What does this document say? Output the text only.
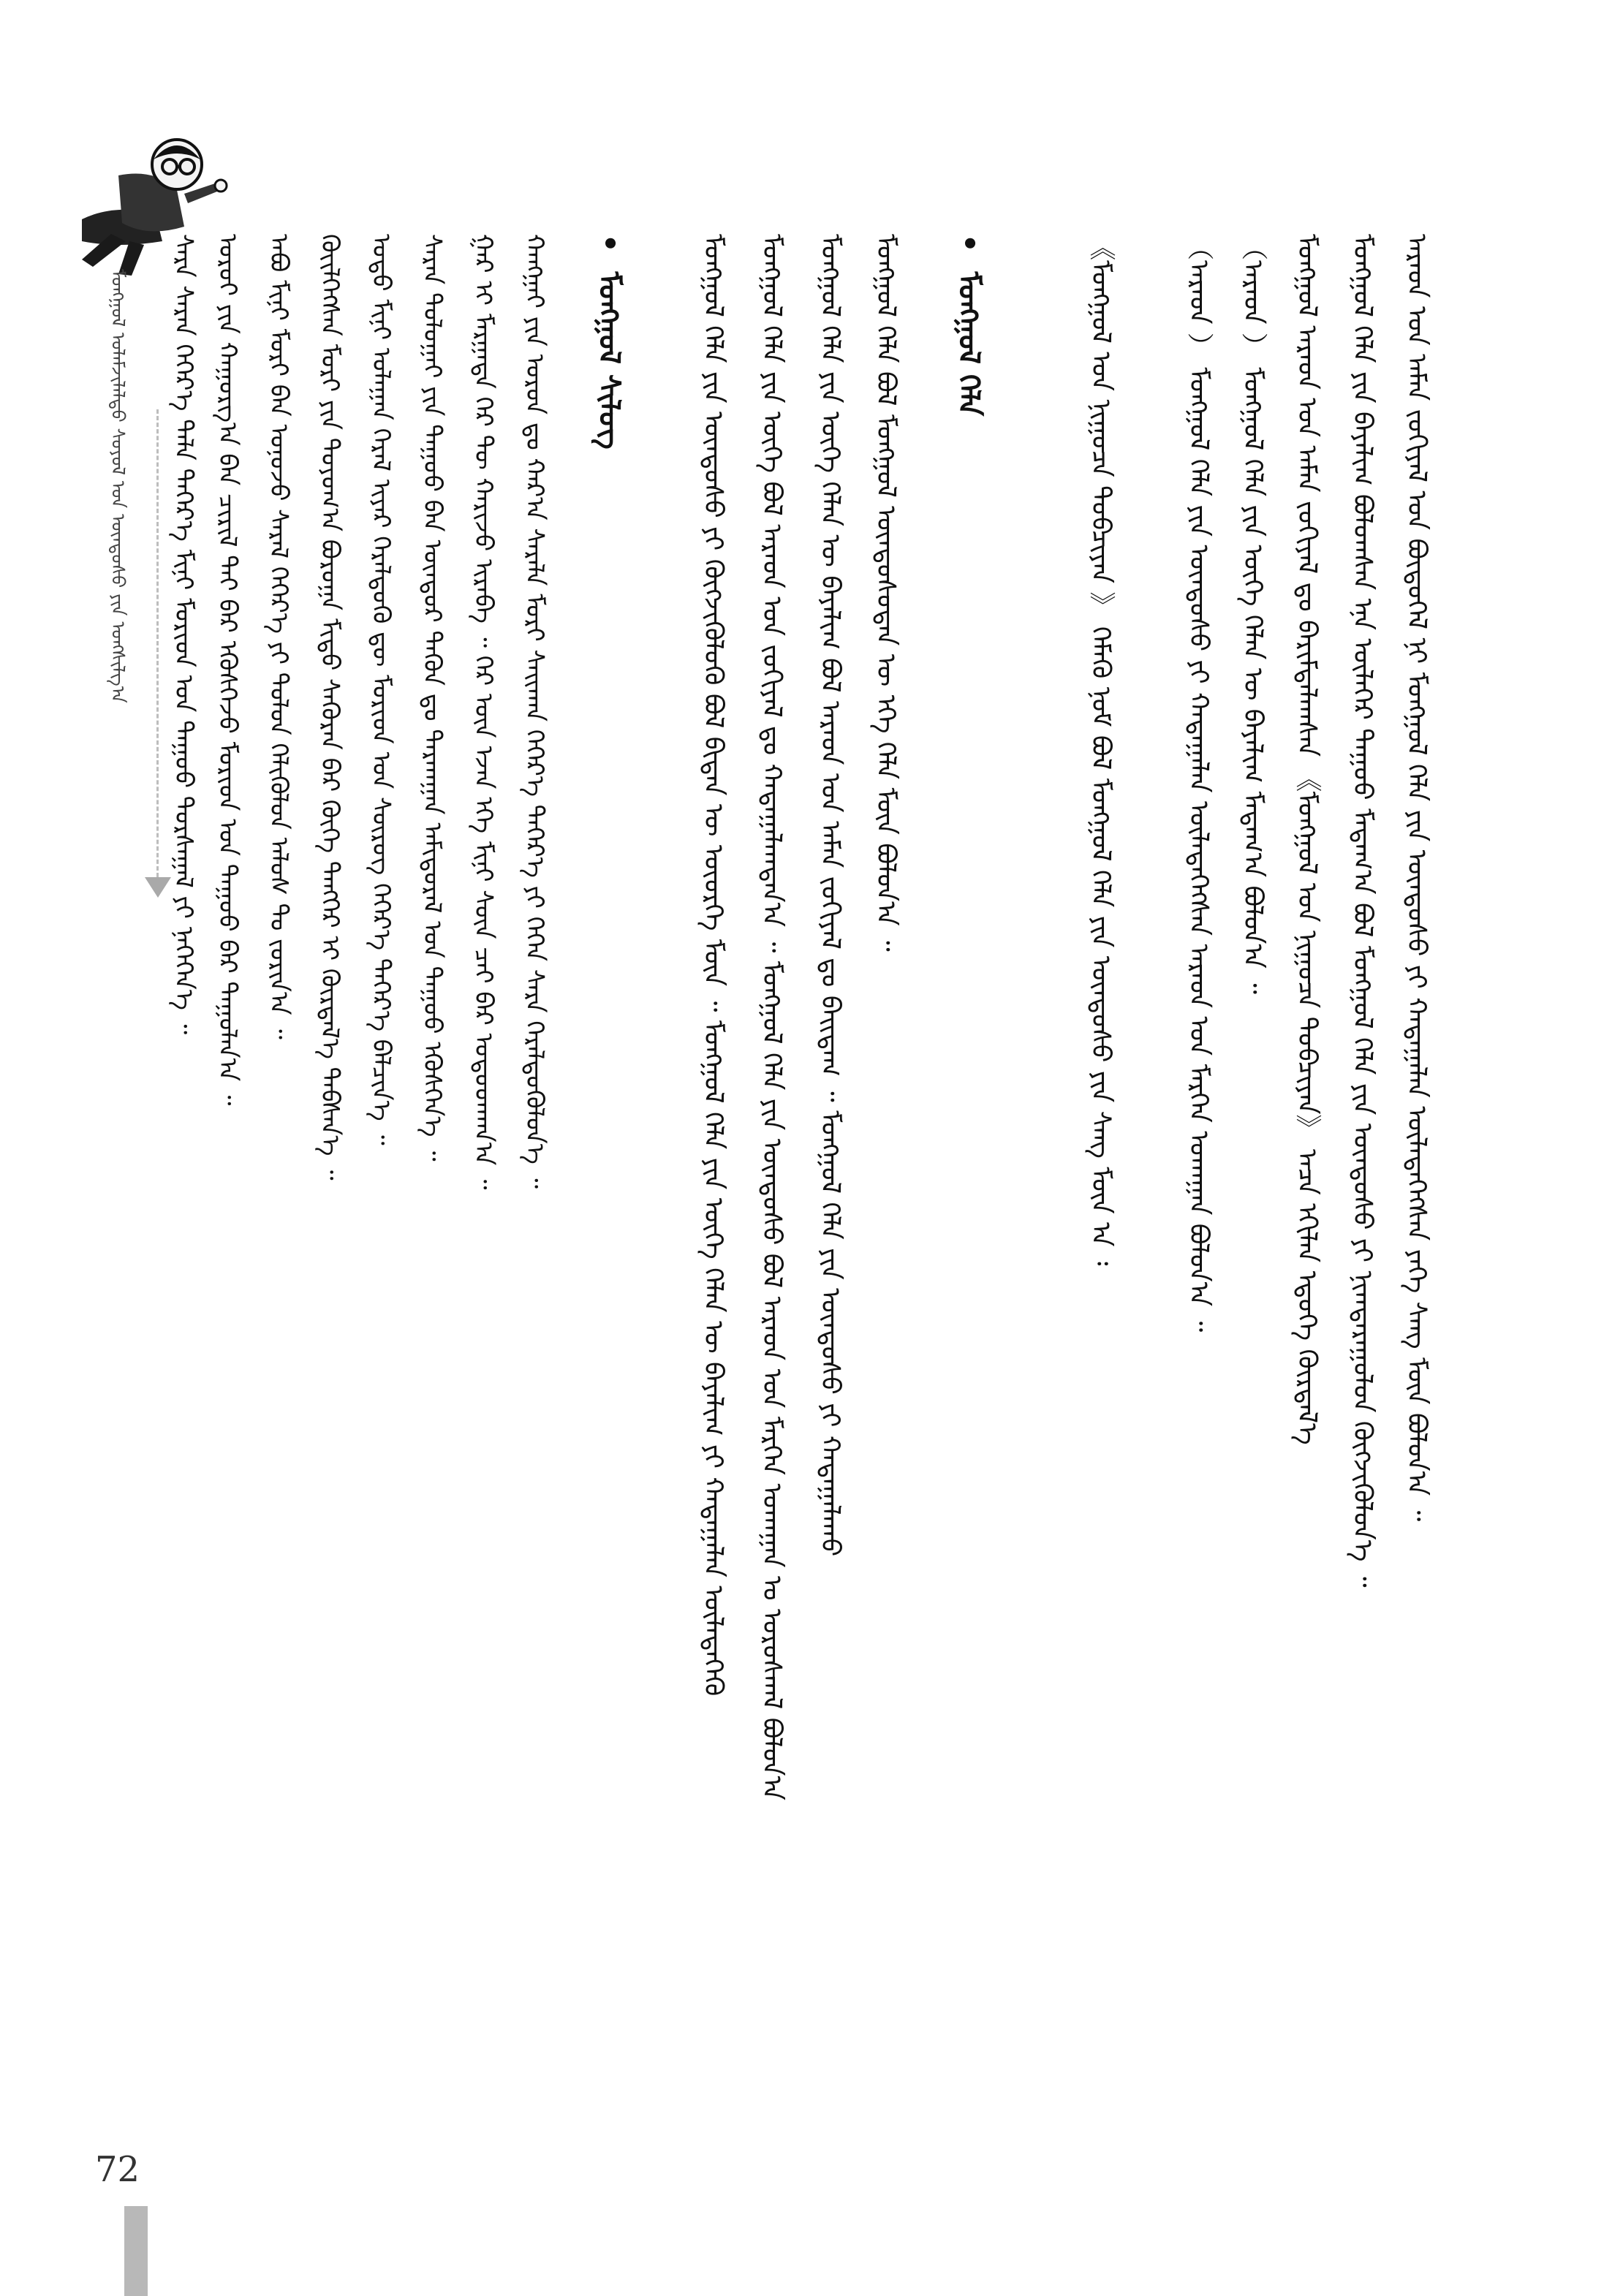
ᠮᠣᠩᠭᠤᠯ ᠤᠯᠠᠮᠵᠢᠯᠠᠯᠲᠤ ᠰᠣᠶᠣᠯ ᠤᠨ ᠦᠨᠳᠦᠰᠦ ᠶᠢᠨ ᠤᠩᠰᠢᠯᠭ᠎ᠠ
72
ᠠᠷᠠᠳ ᠤᠨ ᠠᠮᠠᠨ ᠵᠣᠬᠢᠶᠠᠯ ᠤᠨ ᠪᠦᠲᠦᠭᠡᠯ ᠨᠢ ᠮᠣᠩᠭᠤᠯ ᠬᠡᠯᠡ ᠶᠢᠨ ᠦᠨᠳᠦᠰᠦ ᠶᠢ ᠬᠠᠳᠠᠭᠠᠯᠠᠨ ᠦᠯᠡᠳᠡᠭᠡᠭᠰᠡᠨ ᠶᠡᠬᠡ ᠰᠠᠩ ᠮᠥᠨ ᠪᠣᠯᠤᠨ᠎ᠠ ᠃
ᠮᠣᠩᠭᠤᠯ ᠬᠡᠯᠡ ᠶᠢᠨ ᠪᠠᠶᠠᠯᠢᠭ ᠪᠣᠯᠤᠭᠰᠠᠨ ᠡᠨᠡ ᠦᠯᠡᠬᠡᠷ ᠳᠠᠭᠤᠤ ᠮᠠᠲᠠᠭ᠎ᠠ ᠪᠣᠯ ᠮᠣᠩᠭᠤᠯ ᠬᠡᠯᠡ ᠶᠢᠨ ᠦᠨᠳᠦᠰᠦ ᠶᠢ ᠨᠢᠭᠲᠠᠷᠠᠭᠤᠯᠤᠨ ᠬᠥᠭᠵᠢᠭᠦᠯᠦᠨ᠎ᠡ ᠃
ᠮᠣᠩᠭᠤᠯ ᠠᠷᠠᠳ ᠤᠨ ᠠᠮᠠᠨ ᠵᠣᠬᠢᠶᠠᠯ ᠳᠤ ᠪᠠᠷᠢᠮᠲᠠᠯᠠᠭᠰᠠᠨ 《ᠮᠣᠩᠭᠤᠯ ᠤᠨ ᠨᠢᠭᠤᠴᠠ ᠲᠣᠪᠴᠢᠶᠠᠨ》 ᠠᠴᠠ ᠡᠬᠢᠯᠡᠨ ᠡᠳᠦᠭᠡ ᠬᠦᠷᠲᠡᠯ᠎ᠡ
（ᠠᠷᠠᠳ ） ᠮᠣᠩᠭᠤᠯ ᠬᠡᠯᠡ ᠶᠢᠨ ᠦᠭᠡ ᠬᠡᠯᠡᠨ ᠦ ᠪᠠᠶᠠᠯᠢᠭ ᠮᠠᠲᠠᠭ᠎ᠠ ᠪᠣᠯᠤᠨ᠎ᠠ ᠃
（ᠠᠷᠠᠳ ） ᠮᠣᠩᠭᠤᠯ ᠬᠡᠯᠡ ᠶᠢᠨ ᠦᠨᠳᠦᠰᠦ ᠶᠢ ᠬᠠᠳᠠᠭᠠᠯᠠᠨ ᠦᠯᠡᠳᠡᠭᠡᠭᠰᠡᠨ ᠠᠷᠠᠳ ᠤᠨ ᠮᠡᠷᠭᠡᠨ ᠤᠬᠠᠭᠠᠨ ᠪᠣᠯᠤᠨ᠎ᠠ ᠃
《ᠮᠣᠩᠭᠤᠯ ᠤᠨ ᠨᠢᠭᠤᠴᠠ ᠲᠣᠪᠴᠢᠶᠠᠨ 》 ᠬᠡᠮᠡᠬᠦ ᠨᠣᠮ ᠪᠣᠯ ᠮᠣᠩᠭᠤᠯ ᠬᠡᠯᠡ ᠶᠢᠨ ᠦᠨᠳᠦᠰᠦ ᠶᠢᠨ ᠰᠠᠩ ᠮᠥᠨ ᠠ ᠄
•ᠮᠣᠩᠭᠤᠯ ᠬᠡᠯᠡ
ᠮᠣᠩᠭᠤᠯ ᠬᠡᠯᠡ ᠪᠣᠯ ᠮᠣᠩᠭᠤᠯ ᠦᠨᠳᠦᠰᠦᠲᠡᠨ ᠦ ᠡᠬᠡ ᠬᠡᠯᠡ ᠮᠥᠨ ᠪᠣᠯᠤᠨ᠎ᠠ ᠃
ᠮᠣᠩᠭᠤᠯ ᠬᠡᠯᠡ ᠶᠢᠨ ᠦᠭᠡ ᠬᠡᠯᠡᠨ ᠦ ᠪᠠᠶᠠᠯᠢᠭ ᠪᠣᠯ ᠠᠷᠠᠳ ᠤᠨ ᠠᠮᠠᠨ ᠵᠣᠬᠢᠶᠠᠯ ᠳᠤ ᠪᠠᠢᠳᠠᠭ ᠃ ᠮᠣᠩᠭᠤᠯ ᠬᠡᠯᠡ ᠶᠢᠨ ᠦᠨᠳᠦᠰᠦ ᠶᠢ ᠬᠠᠳᠠᠭᠠᠯᠠᠬᠤ
ᠮᠣᠩᠭᠤᠯ ᠬᠡᠯᠡ ᠶᠢᠨ ᠦᠭᠡ ᠪᠣᠯ ᠠᠷᠠᠳ ᠤᠨ ᠵᠣᠬᠢᠶᠠᠯ ᠳᠤ ᠬᠠᠳᠠᠭᠠᠯᠠᠭᠳᠠᠨ᠎ᠠ ᠃ ᠮᠣᠩᠭᠤᠯ ᠬᠡᠯᠡ ᠶᠢᠨ ᠦᠨᠳᠦᠰᠦ ᠪᠣᠯ ᠠᠷᠠᠳ ᠤᠨ ᠮᠡᠷᠭᠡᠨ ᠤᠬᠠᠭᠠᠨ ᠤ ᠤᠷᠤᠰᠬᠠᠯ ᠪᠣᠯᠤᠨ᠎ᠠ
ᠮᠣᠩᠭᠤᠯ ᠬᠡᠯᠡ ᠶᠢᠨ ᠦᠨᠳᠦᠰᠦ ᠶᠢ ᠬᠥᠭᠵᠢᠭᠦᠯᠦᠬᠦ ᠪᠣᠯ ᠪᠢᠳᠡᠨ ᠦ ᠦᠦᠷᠭᠡ ᠮᠥᠨ ᠃ ᠮᠣᠩᠭᠤᠯ ᠬᠡᠯᠡ ᠶᠢᠨ ᠦᠭᠡ ᠬᠡᠯᠡᠨ ᠦ ᠪᠠᠶᠠᠯᠢᠭ ᠶᠢ ᠬᠠᠳᠠᠭᠠᠯᠠᠨ ᠦᠯᠡᠳᠡᠭᠡᠬᠦ
•ᠮᠣᠩᠭᠤᠯ ᠰᠢᠯᠦᠭ
ᠬᠠᠩᠭᠠᠢ ᠶᠢᠨ ᠣᠷᠣᠨ ᠳᠤ ᠬᠠᠷ᠎ᠠ ᠰᠠᠷᠠᠯᠠ ᠮᠣᠷᠢ ᠰᠠᠢᠬᠠᠨ ᠬᠡᠭᠡᠷ᠎ᠡ ᠳᠡᠭᠡᠷ᠎ᠡ ᠶᠢ ᠭᠡᠭᠡᠨ ᠰᠠᠷᠠ ᠭᠡᠷᠡᠯᠲᠦᠭᠦᠯᠦᠨ᠎ᠡ ᠃
ᠭᠠᠷ ᠢ ᠮᠠᠷᠭᠠᠳᠠ ᠭᠡᠷ ᠲᠦ ᠬᠠᠷᠢᠵᠤ ᠢᠷᠡᠪᠡ ᠃ ᠭᠡᠷ ᠦᠨ ᠡᠵᠡᠨ ᠡᠬᠡ ᠮᠢᠨᠢ ᠰᠦᠨ ᠴᠠᠢ ᠪᠠᠷ ᠤᠳᠤᠳᠬᠠᠨ᠎ᠠ ᠃
ᠰᠠᠷᠠᠨ ᠲᠣᠯᠤᠭᠠᠢ ᠶᠢᠨ ᠳᠠᠭᠤᠤ ᠪᠠᠨ ᠦᠨᠳᠦᠷ ᠲᠡᠭᠦᠨ ᠳᠤ ᠲᠠᠷᠬᠠᠭᠠᠨ ᠠᠮᠢᠳᠤᠷᠠᠯ ᠤᠨ ᠳᠠᠭᠤᠤ ᠡᠭᠦᠰᠭᠡᠨ᠎ᠡ ᠃
ᠣᠳᠣ ᠮᠢᠨᠢ ᠤᠯᠠᠭᠠᠨ ᠭᠡᠷᠡᠯ ᠢᠶᠡᠷ ᠭᠡᠷᠡᠯᠲᠦᠬᠦ ᠳᠦ ᠮᠣᠷᠢᠳ ᠤᠨ ᠰᠦᠷᠦᠭ ᠬᠡᠭᠡᠷ᠎ᠡ ᠳᠡᠭᠡᠷ᠎ᠡ ᠪᠡᠯᠴᠢᠨ᠎ᠡ ᠃
ᠭᠦᠢᠯᠭᠡᠭᠰᠡᠨ ᠮᠣᠷᠢ ᠶᠢᠨ ᠲᠣᠶᠣᠭ᠎ᠠ ᠪᠣᠷᠣᠭᠠ ᠮᠢᠲᠦ ᠰᠡᠭᠦᠷᠡᠨ ᠪᠠᠷ ᠬᠥᠬᠡ ᠲᠡᠩᠭᠡᠷ ᠢ ᠬᠦᠷᠲᠡᠯ᠎ᠡ ᠳᠡᠪᠰᠡᠨ᠎ᠡ ᠃
ᠠᠪᠤ ᠮᠢᠨᠢ ᠮᠣᠷᠢ ᠪᠡᠨ ᠤᠨᠤᠵᠤ ᠰᠠᠷᠠᠯ ᠬᠡᠭᠡᠷ᠎ᠡ ᠶᠢ ᠲᠤᠯᠤᠨ ᠬᠡᠯᠢᠭᠦᠯᠦᠨ ᠠᠯᠤᠰ ᠲᠤ ᠵᠣᠷᠢᠨ᠎ᠠ ᠃
ᠣᠷᠣᠢ ᠶᠢᠨ ᠬᠠᠭᠤᠷᠭ᠎ᠠ ᠪᠠᠨ ᠴᠢᠷᠢᠯ ᠲᠡᠢ ᠪᠠᠷ ᠡᠭᠦᠰᠭᠡᠵᠦ ᠮᠣᠷᠢᠳ ᠤᠨ ᠳᠠᠭᠤᠤ ᠪᠠᠷ ᠳᠠᠭᠤᠯᠠᠨ᠎ᠠ ᠃
ᠰᠠᠷᠠ ᠰᠠᠷᠠᠨ ᠬᠡᠭᠡᠷ᠎ᠡ ᠲᠡᠯᠡ ᠳᠡᠭᠡᠷ᠎ᠡ ᠮᠢᠨᠢ ᠮᠣᠷᠢᠳ ᠤᠨ ᠳᠠᠭᠤᠤ ᠳᠤᠷᠰᠠᠭᠠᠯ ᠶᠢ ᠨᠡᠭᠡᠭᠡᠨ᠎ᠡ ᠃
